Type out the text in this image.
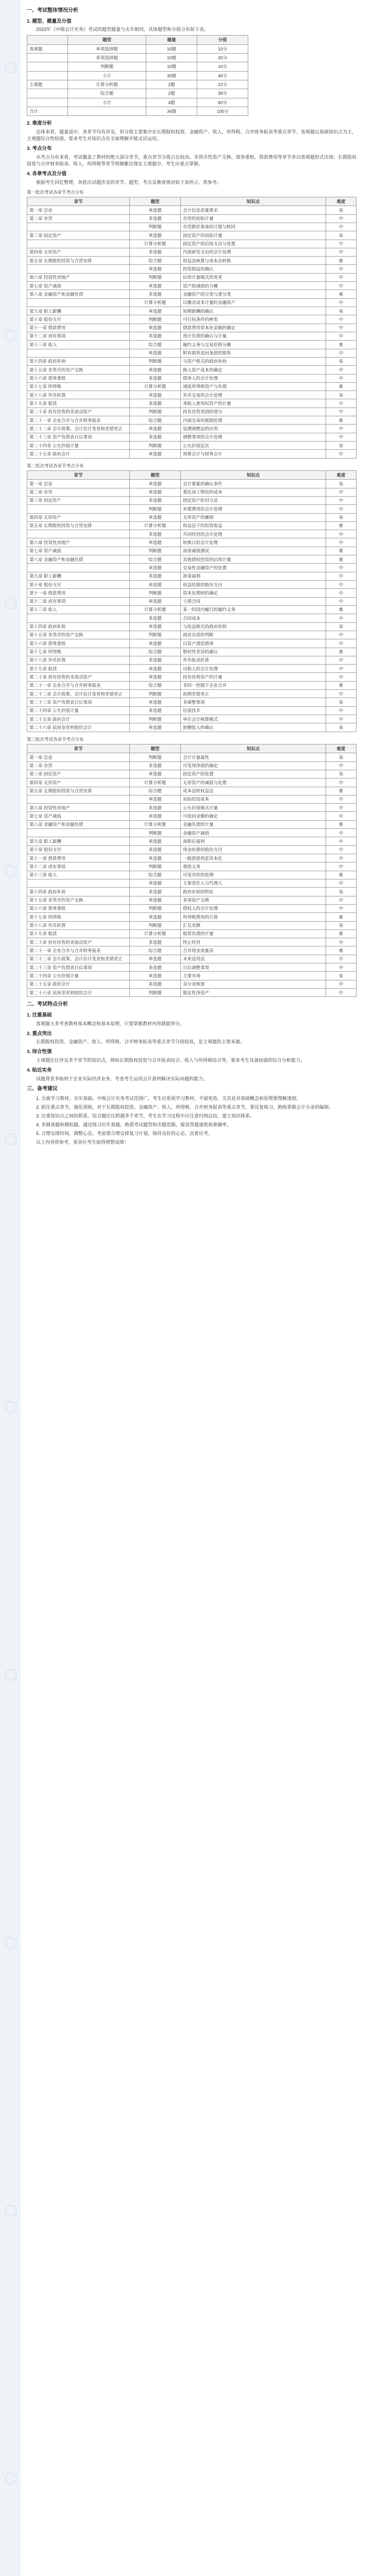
一、考试整体情况分析
1. 题型、题量及分值

2023年《中级会计实务》考试的题型题量与去年相同，具体题型和分值分布如下表。

	题型	题量	分值
客观题	单项选择题	10题	10分
	多项选择题	10题	20分
	判断题	10题	10分
	小计	30题	40分
主观题	计算分析题	2题	22分
	综合题	2题	38分
	小计	4题	60分
合计		34题	100分
2. 难度分析

总体来看，题量适中，各章节均有涉及，但分值主要集中在长期股权投资、金融资产、收入、所得税、合并财务报表等重点章节。客观题以基础知识点为主，主观题综合性较强，要求考生对知识点有全面理解并能灵活运用。

3. 考点分布

从考点分布来看，考试覆盖了教材的绝大部分章节，重点章节分值占比较高。非货币性资产交换、债务重组、借款费用等章节多以客观题形式出现；长期股权投资与合并财务报表、收入、所得税等章节则频繁出现在主观题中，考生应重点掌握。

4. 各章考点及分值

根据考生回忆整理，各批次试题涉及的章节、题型、考点及难度情况如下表所示，供参考。

第一批次考试各章节考点分布
章节	题型	知识点	难度
第一章 总论	单选题	会计信息质量要求	易
第二章 存货	多选题	存货的初始计量	中
	判断题	存货跌价准备的计提与转回	中
第三章 固定资产	单选题	固定资产的初始计量	易
	计算分析题	固定资产的后续支出与处置	中
第四章 无形资产	多选题	内部研发支出的会计处理	中
第五章 长期股权投资与合营安排	综合题	权益法核算与成本法转换	难
	单选题	投资损益的确认	中
第六章 投资性房地产	判断题	后续计量模式的变更	中
第七章 资产减值	单选题	资产组减值的分摊	中
第八章 金融资产和金融负债	多选题	金融资产的分类与重分类	难
	计算分析题	以摊余成本计量的金融资产	中
第九章 职工薪酬	单选题	短期薪酬的确认	易
第十章 股份支付	判断题	可行权条件的种类	中
第十一章 借款费用	单选题	借款费用资本化金额的确定	中
第十二章 或有事项	多选题	预计负债的确认与计量	中
第十三章 收入	综合题	履约义务与交易价格分摊	难
	单选题	附有销售退回条款的销售	中
第十四章 政府补助	判断题	与资产相关的政府补助	易
第十五章 非货币性资产交换	单选题	换入资产成本的确定	中
第十六章 债务重组	多选题	债务人的会计处理	中
第十七章 所得税	计算分析题	递延所得税资产与负债	难
第十八章 外币折算	单选题	外币交易的会计处理	易
第十九章 租赁	多选题	承租人使用权资产的计量	中
第二十章 持有待售的非流动资产	判断题	持有待售类别的划分	中
第二十一章 企业合并与合并财务报表	综合题	内部交易的抵销处理	难
第二十二章 会计政策、会计估计变更和差错更正	单选题	追溯调整法的应用	中
第二十三章 资产负债表日后事项	多选题	调整事项的会计处理	中
第二十四章 公允价值计量	判断题	公允价值层次	易
第二十五章 政府会计	单选题	预算会计与财务会计	中
第二批次考试各章节考点分布
章节	题型	知识点	难度
第一章 总论	单选题	会计要素的确认条件	易
第二章 存货	单选题	委托加工物资的成本	中
第三章 固定资产	多选题	固定资产折旧方法	中
	判断题	弃置费用的会计处理	中
第四章 无形资产	单选题	无形资产的摊销	易
第五章 长期股权投资与合营安排	计算分析题	权益法下的投资收益	难
	多选题	共同经营的会计处理	中
第六章 投资性房地产	单选题	转换日的会计处理	中
第七章 资产减值	判断题	商誉减值测试	难
第八章 金融资产和金融负债	综合题	其他债权投资的后续计量	难
	单选题	交易性金融资产的处置	中
第九章 职工薪酬	多选题	辞退福利	中
第十章 股份支付	单选题	权益结算的股份支付	中
第十一章 借款费用	判断题	资本化期间的确定	中
第十二章 或有事项	单选题	亏损合同	中
第十三章 收入	计算分析题	某一时段内履行的履约义务	难
	多选题	合同成本	中
第十四章 政府补助	单选题	与收益相关的政府补助	易
第十五章 非货币性资产交换	判断题	商业实质的判断	中
第十六章 债务重组	单选题	以资产清偿债务	中
第十七章 所得税	综合题	暂时性差异的确认	难
第十八章 外币折算	多选题	外币报表折算	中
第十九章 租赁	单选题	出租人的会计处理	中
第二十章 持有待售的非流动资产	单选题	持有待售资产的计量	中
第二十一章 企业合并与合并财务报表	综合题	非同一控制下企业合并	难
第二十二章 会计政策、会计估计变更和差错更正	判断题	前期差错更正	中
第二十三章 资产负债表日后事项	单选题	非调整事项	易
第二十四章 公允价值计量	多选题	估值技术	中
第二十五章 政府会计	判断题	单位会计核算模式	中
第二十六章 民间非营利组织会计	单选题	捐赠收入的确认	易
第三批次考试各章节考点分布
章节	题型	知识点	难度
第一章 总论	判断题	会计计量属性	易
第二章 存货	多选题	可变现净值的确定	中
第三章 固定资产	单选题	固定资产的处置	易
第四章 无形资产	计算分析题	无形资产的减值与处置	中
第五章 长期股权投资与合营安排	综合题	成本法转权益法	难
	单选题	初始投资成本	中
第六章 投资性房地产	多选题	公允价值模式计量	中
第七章 资产减值	单选题	可收回金额的确定	中
第八章 金融资产和金融负债	计算分析题	金融负债的计量	难
	判断题	金融资产减值	中
第九章 职工薪酬	单选题	离职后福利	中
第十章 股份支付	多选题	现金结算的股份支付	中
第十一章 借款费用	单选题	一般借款利息资本化	中
第十二章 或有事项	判断题	重组义务	中
第十三章 收入	综合题	可变对价的处理	难
	单选题	主要责任人与代理人	中
第十四章 政府补助	多选题	政府补助的特征	易
第十五章 非货币性资产交换	单选题	多项资产交换	中
第十六章 债务重组	判断题	债权人的会计处理	中
第十七章 所得税	单选题	所得税费用的计算	难
第十八章 外币折算	判断题	汇兑差额	易
第十九章 租赁	计算分析题	租赁负债的计量	难
第二十章 持有待售的非流动资产	多选题	终止经营	中
第二十一章 企业合并与合并财务报表	综合题	合并现金流量表	难
第二十二章 会计政策、会计估计变更和差错更正	单选题	未来适用法	中
第二十三章 资产负债表日后事项	多选题	日后调整事项	中
第二十四章 公允价值计量	单选题	主要市场	易
第二十五章 政府会计	多选题	双分录核算	中
第二十六章 民间非营利组织会计	判断题	限定性净资产	中
二、考试特点分析
1. 注重基础

客观题大多考查教材基本概念和基本原理，只要掌握教材内容就能得分。

2. 重点突出

长期股权投资、金融资产、收入、所得税、合并财务报表等重点章节分值较高，是主观题的主要来源。

3. 综合性强

主观题往往涉及多个章节的知识点，例如长期股权投资与合并报表结合、收入与所得税结合等，要求考生具备较强的综合分析能力。

4. 贴近实务

试题背景多取材于企业实际经济业务，考查考生运用会计准则解决实际问题的能力。

三、备考建议

1. 全面学习教材，夯实基础。中级会计实务考试范围广，考生应系统学习教材，不留死角，尤其是对基础概念和原理要理解透彻。

2. 抓住重点章节，强化训练。对于长期股权投资、金融资产、收入、所得税、合并财务报表等重点章节，要反复练习，熟练掌握会计分录的编制。

3. 注重知识点之间的联系。综合题往往跨越多个章节，考生在学习过程中应注意归纳总结，建立知识体系。

4. 多做真题和模拟题。通过练习历年真题，熟悉考试题型和出题思路，提高答题速度和准确率。

5. 合理安排时间，调整心态。考前要合理安排复习计划，保持良好的心态，沉着应考。

以上内容供参考，祝各位考生取得理想成绩！
